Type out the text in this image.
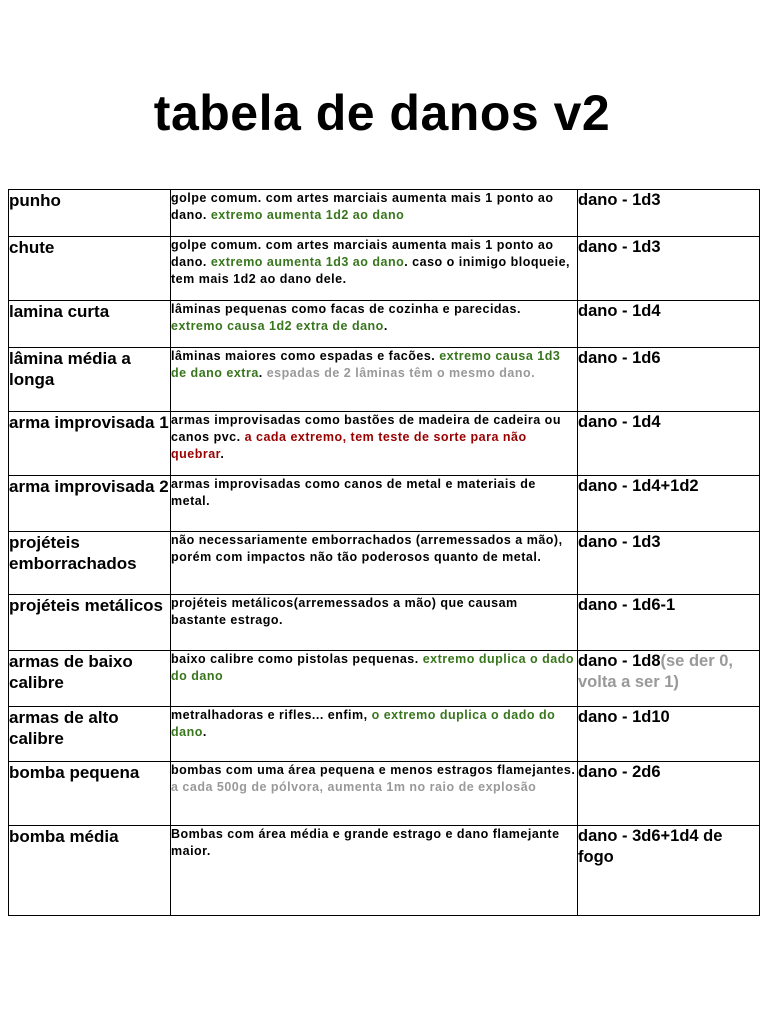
tabela de danos v2
punho	golpe comum. com artes marciais aumenta mais 1 ponto ao dano. extremo aumenta 1d2 ao dano	dano - 1d3
chute	golpe comum. com artes marciais aumenta mais 1 ponto ao dano. extremo aumenta 1d3 ao dano. caso o inimigo bloqueie, tem mais 1d2 ao dano dele.	dano - 1d3
lamina curta	lâminas pequenas como facas de cozinha e parecidas. extremo causa 1d2 extra de dano.	dano - 1d4
lâmina média a longa	lâminas maiores como espadas e facões. extremo causa 1d3 de dano extra. espadas de 2 lâminas têm o mesmo dano.	dano - 1d6
arma improvisada 1	armas improvisadas como bastões de madeira de cadeira ou canos pvc. a cada extremo, tem teste de sorte para não quebrar.	dano - 1d4
arma improvisada 2	armas improvisadas como canos de metal e materiais de metal.	dano - 1d4+1d2
projéteis emborrachados	não necessariamente emborrachados (arremessados a mão), porém com impactos não tão poderosos quanto de metal.	dano - 1d3
projéteis metálicos	projéteis metálicos(arremessados a mão) que causam bastante estrago.	dano - 1d6-1
armas de baixo calibre	baixo calibre como pistolas pequenas. extremo duplica o dado do dano	dano - 1d8(se der 0, volta a ser 1)
armas de alto calibre	metralhadoras e rifles... enfim, o extremo duplica o dado do dano.	dano - 1d10
bomba pequena	bombas com uma área pequena e menos estragos flamejantes. a cada 500g de pólvora, aumenta 1m no raio de explosão	dano - 2d6
bomba média	Bombas com área média e grande estrago e dano flamejante maior.	dano - 3d6+1d4 de fogo
